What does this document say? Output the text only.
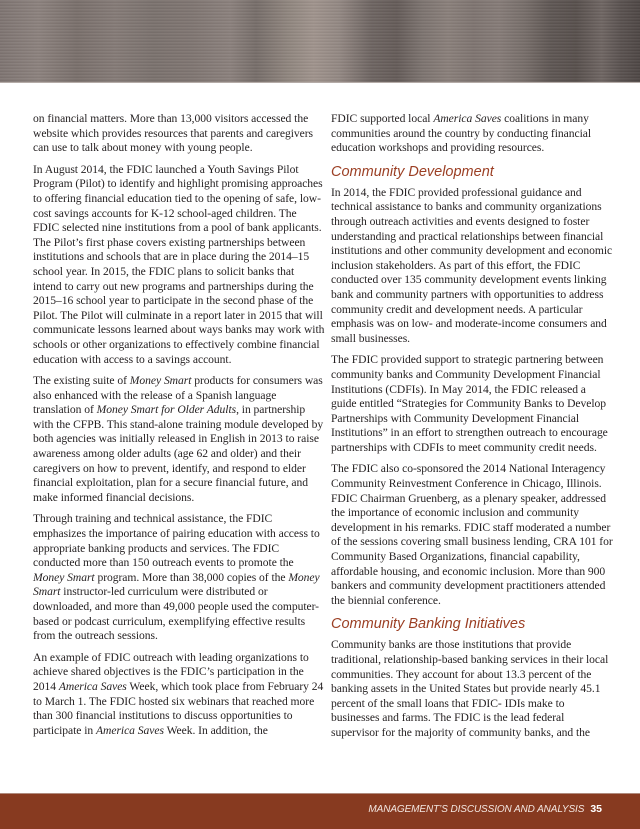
on financial matters. More than 13,000 visitors accessed the website which provides resources that parents and caregivers can use to talk about money with young people.

In August 2014, the FDIC launched a Youth Savings Pilot Program (Pilot) to identify and highlight promising approaches to offering financial education tied to the opening of safe, low-cost savings accounts for K-12 school-aged children. The FDIC selected nine institutions from a pool of bank applicants. The Pilot’s first phase covers existing partnerships between institutions and schools that are in place during the 2014–15 school year. In 2015, the FDIC plans to solicit banks that intend to carry out new programs and partnerships during the 2015–16 school year to participate in the second phase of the Pilot. The Pilot will culminate in a report later in 2015 that will communicate lessons learned about ways banks may work with schools or other organizations to effectively combine financial education with access to a savings account.

The existing suite of Money Smart products for consumers was also enhanced with the release of a Spanish language translation of Money Smart for Older Adults, in partnership with the CFPB. This stand-alone training module developed by both agencies was initially released in English in 2013 to raise awareness among older adults (age 62 and older) and their caregivers on how to prevent, identify, and respond to elder financial exploitation, plan for a secure financial future, and make informed financial decisions.

Through training and technical assistance, the FDIC emphasizes the importance of pairing education with access to appropriate banking products and services. The FDIC conducted more than 150 outreach events to promote the Money Smart program. More than 38,000 copies of the Money Smart instructor-led curriculum were distributed or downloaded, and more than 49,000 people used the computer-based or podcast curriculum, exemplifying effective results from the outreach sessions.

An example of FDIC outreach with leading organizations to achieve shared objectives is the FDIC’s participation in the 2014 America Saves Week, which took place from February 24 to March 1. The FDIC hosted six webinars that reached more than 300 financial institutions to discuss opportunities to participate in America Saves Week. In addition, the

FDIC supported local America Saves coalitions in many communities around the country by conducting financial education workshops and providing resources.

Community Development

In 2014, the FDIC provided professional guidance and technical assistance to banks and community organizations through outreach activities and events designed to foster understanding and practical relationships between financial institutions and other community development and economic inclusion stakeholders. As part of this effort, the FDIC conducted over 135 community development events linking bank and community partners with opportunities to address community credit and development needs. A particular emphasis was on low- and moderate-income consumers and small businesses.

The FDIC provided support to strategic partnering between community banks and Community Development Financial Institutions (CDFIs). In May 2014, the FDIC released a guide entitled “Strategies for Community Banks to Develop Partnerships with Community Development Financial Institutions” in an effort to strengthen outreach to encourage partnerships with CDFIs to meet community credit needs.

The FDIC also co-sponsored the 2014 National Interagency Community Reinvestment Conference in Chicago, Illinois. FDIC Chairman Gruenberg, as a plenary speaker, addressed the importance of economic inclusion and community development in his remarks. FDIC staff moderated a number of the sessions covering small business lending, CRA 101 for Community Based Organizations, financial capability, affordable housing, and economic inclusion. More than 900 bankers and community development practitioners attended the biennial conference.

Community Banking Initiatives

Community banks are those institutions that provide traditional, relationship-based banking services in their local communities. They account for about 13.3 percent of the banking assets in the United States but provide nearly 45.1 percent of the small loans that FDIC- IDIs make to businesses and farms. The FDIC is the lead federal supervisor for the majority of community banks, and the

MANAGEMENT’S DISCUSSION AND ANALYSIS 35
